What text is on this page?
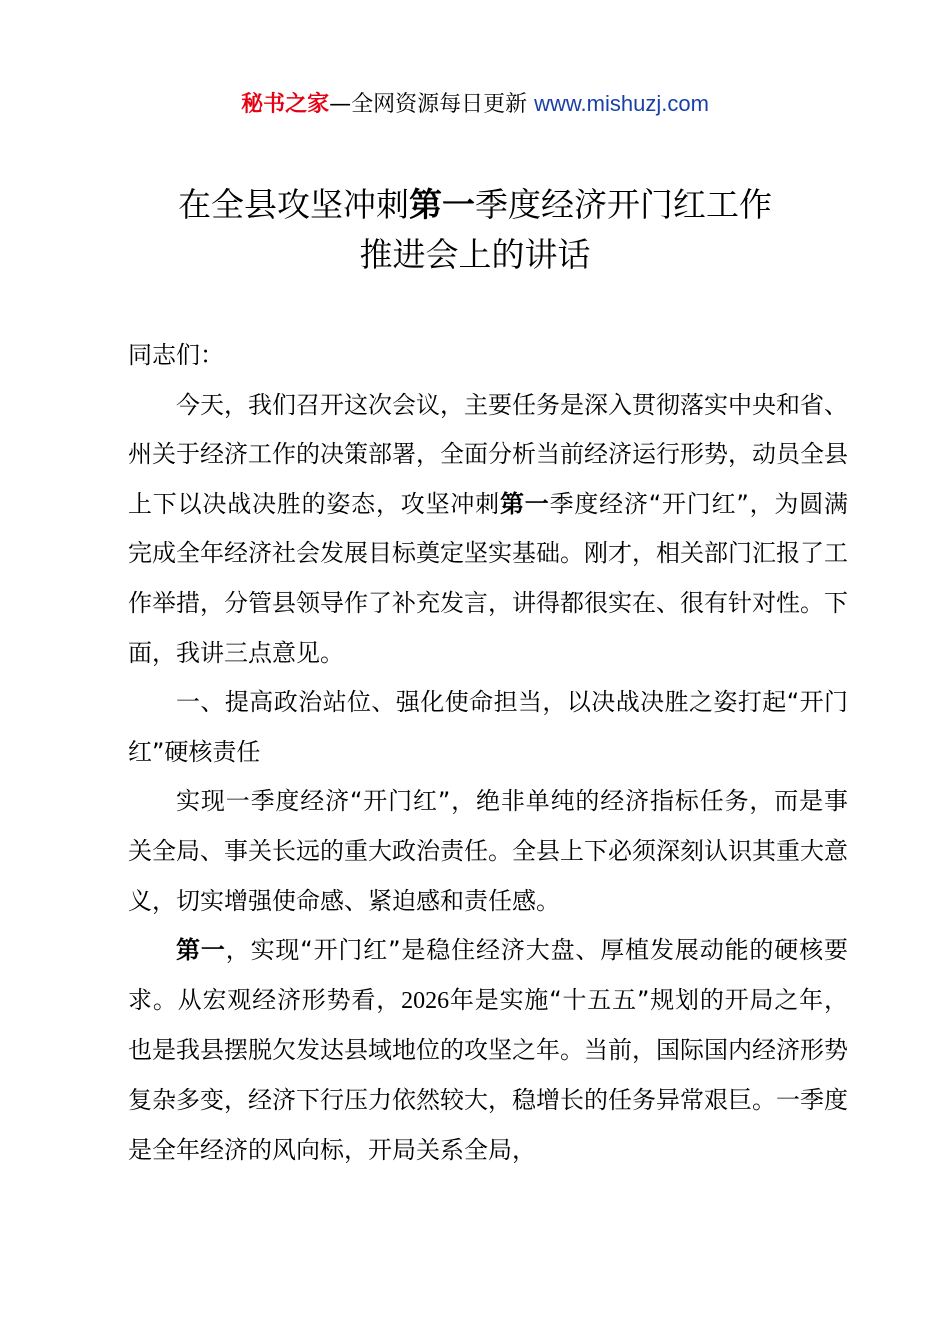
秘书之家—全网资源每日更新 www.mishuzj.com
在全县攻坚冲刺第一季度经济开门红工作
推进会上的讲话

同志们：

今天，我们召开这次会议，主要任务是深入贯彻落实中央和省、州关于经济工作的决策部署，全面分析当前经济运行形势，动员全县上下以决战决胜的姿态，攻坚冲刺第一季度经济“开门红”，为圆满完成全年经济社会发展目标奠定坚实基础。刚才，相关部门汇报了工作举措，分管县领导作了补充发言，讲得都很实在、很有针对性。下面，我讲三点意见。

一、提高政治站位、强化使命担当，以决战决胜之姿打起“开门红”硬核责任

实现一季度经济“开门红”，绝非单纯的经济指标任务，而是事关全局、事关长远的重大政治责任。全县上下必须深刻认识其重大意义，切实增强使命感、紧迫感和责任感。

第一，实现“开门红”是稳住经济大盘、厚植发展动能的硬核要求。从宏观经济形势看，2026年是实施“十五五”规划的开局之年，也是我县摆脱欠发达县域地位的攻坚之年。当前，国际国内经济形势复杂多变，经济下行压力依然较大，稳增长的任务异常艰巨。一季度是全年经济的风向标，开局关系全局，
